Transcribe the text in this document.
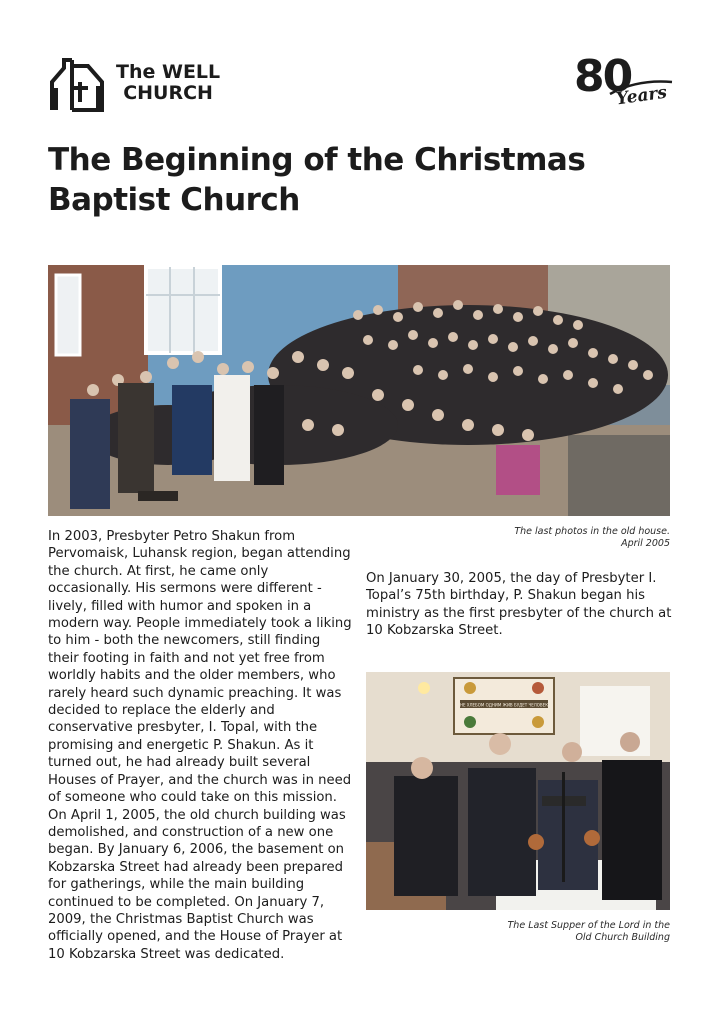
The WELL
CHURCH	80
Years
The Beginning of the Christmas Baptist Church
The last photos in the old house.
April 2005

In 2003, Presbyter Petro Shakun from Pervomaisk, Luhansk region, began attending the church. At first, he came only occasionally. His sermons were different - lively, filled with humor and spoken in a modern way. People immediately took a liking to him - both the newcomers, still finding their footing in faith and not yet free from worldly habits and the older members, who rarely heard such dynamic preaching. It was decided to replace the elderly and conservative presbyter, I. Topal, with the promising and energetic P. Shakun. As it turned out, he had already built several Houses of Prayer, and the church was in need of someone who could take on this mission. On April 1, 2005, the old church building was demolished, and construction of a new one began. By January 6, 2006, the basement on Kobzarska Street had already been prepared for gatherings, while the main building continued to be completed. On January 7, 2009, the Christmas Baptist Church was officially opened, and the House of Prayer at 10 Kobzarska Street was dedicated.

On January 30, 2005, the day of Presbyter I. Topal’s 75th birthday, P. Shakun began his ministry as the first presbyter of the church at 10 Kobzarska Street.

НЕ ХЛЕБОМ ОДНИМ ЖИВ БУДЕТ ЧЕЛОВЕК
The Last Supper of the Lord in the
Old Church Building
